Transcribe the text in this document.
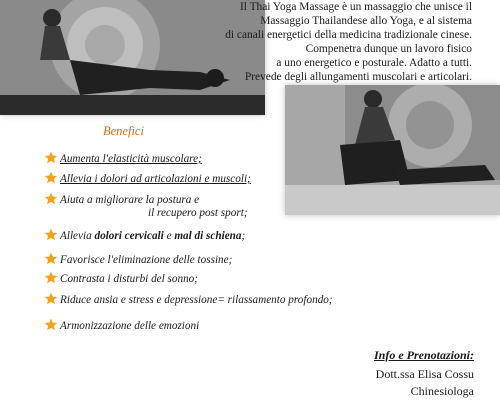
Il Thai Yoga Massage è un massaggio che unisce il
Massaggio Thailandese allo Yoga, e al sistema
di canali energetici della medicina tradizionale cinese.
Compenetra dunque un lavoro fisico
a uno energetico e posturale. Adatto a tutti.
Prevede degli allungamenti muscolari e articolari.
Benefici
Aumenta l'elasticità muscolare;
Allevia i dolori ad articolazioni e muscoli;
Aiuta a migliorare la postura e
il recupero post sport;
Allevia dolori cervicali e mal di schiena;
Favorisce l'eliminazione delle tossine;
Contrasta i disturbi del sonno;
Riduce ansia e stress e depressione= rilassamento profondo;
Armonizzazione delle emozioni
Info e Prenotazioni:
Dott.ssa Elisa Cossu
Chinesiologa
